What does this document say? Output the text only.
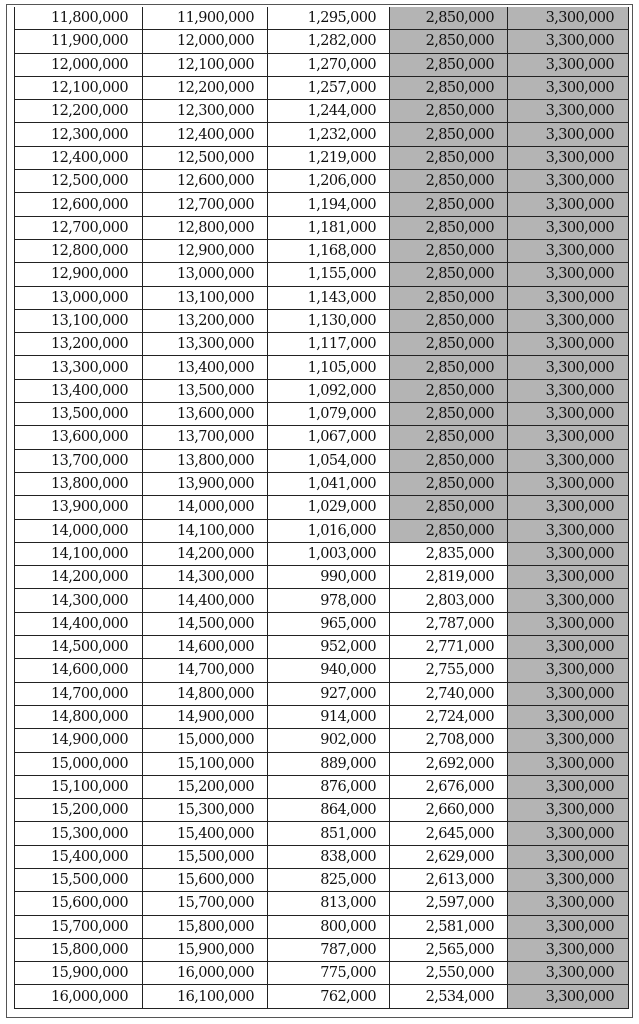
11,800,000	11,900,000	1,295,000	2,850,000	3,300,000
11,900,000	12,000,000	1,282,000	2,850,000	3,300,000
12,000,000	12,100,000	1,270,000	2,850,000	3,300,000
12,100,000	12,200,000	1,257,000	2,850,000	3,300,000
12,200,000	12,300,000	1,244,000	2,850,000	3,300,000
12,300,000	12,400,000	1,232,000	2,850,000	3,300,000
12,400,000	12,500,000	1,219,000	2,850,000	3,300,000
12,500,000	12,600,000	1,206,000	2,850,000	3,300,000
12,600,000	12,700,000	1,194,000	2,850,000	3,300,000
12,700,000	12,800,000	1,181,000	2,850,000	3,300,000
12,800,000	12,900,000	1,168,000	2,850,000	3,300,000
12,900,000	13,000,000	1,155,000	2,850,000	3,300,000
13,000,000	13,100,000	1,143,000	2,850,000	3,300,000
13,100,000	13,200,000	1,130,000	2,850,000	3,300,000
13,200,000	13,300,000	1,117,000	2,850,000	3,300,000
13,300,000	13,400,000	1,105,000	2,850,000	3,300,000
13,400,000	13,500,000	1,092,000	2,850,000	3,300,000
13,500,000	13,600,000	1,079,000	2,850,000	3,300,000
13,600,000	13,700,000	1,067,000	2,850,000	3,300,000
13,700,000	13,800,000	1,054,000	2,850,000	3,300,000
13,800,000	13,900,000	1,041,000	2,850,000	3,300,000
13,900,000	14,000,000	1,029,000	2,850,000	3,300,000
14,000,000	14,100,000	1,016,000	2,850,000	3,300,000
14,100,000	14,200,000	1,003,000	2,835,000	3,300,000
14,200,000	14,300,000	990,000	2,819,000	3,300,000
14,300,000	14,400,000	978,000	2,803,000	3,300,000
14,400,000	14,500,000	965,000	2,787,000	3,300,000
14,500,000	14,600,000	952,000	2,771,000	3,300,000
14,600,000	14,700,000	940,000	2,755,000	3,300,000
14,700,000	14,800,000	927,000	2,740,000	3,300,000
14,800,000	14,900,000	914,000	2,724,000	3,300,000
14,900,000	15,000,000	902,000	2,708,000	3,300,000
15,000,000	15,100,000	889,000	2,692,000	3,300,000
15,100,000	15,200,000	876,000	2,676,000	3,300,000
15,200,000	15,300,000	864,000	2,660,000	3,300,000
15,300,000	15,400,000	851,000	2,645,000	3,300,000
15,400,000	15,500,000	838,000	2,629,000	3,300,000
15,500,000	15,600,000	825,000	2,613,000	3,300,000
15,600,000	15,700,000	813,000	2,597,000	3,300,000
15,700,000	15,800,000	800,000	2,581,000	3,300,000
15,800,000	15,900,000	787,000	2,565,000	3,300,000
15,900,000	16,000,000	775,000	2,550,000	3,300,000
16,000,000	16,100,000	762,000	2,534,000	3,300,000
